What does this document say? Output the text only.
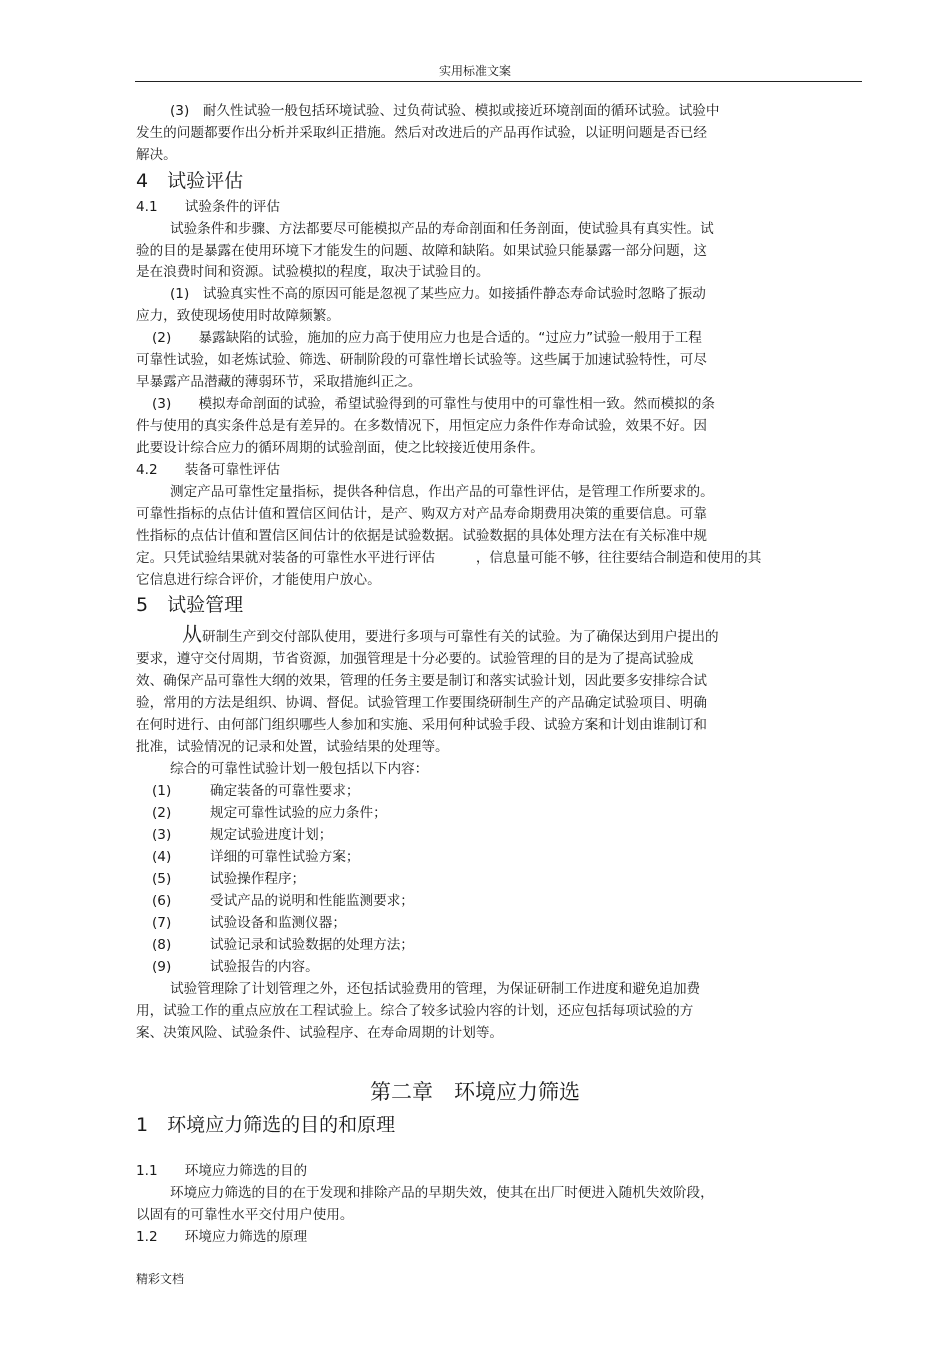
实用标准文案
(3)　耐久性试验一般包括环境试验、过负荷试验、模拟或接近环境剖面的循环试验。试验中
发生的问题都要作出分析并采取纠正措施。然后对改进后的产品再作试验，以证明问题是否已经
解决。
4　试验评估
4.1　　试验条件的评估
试验条件和步骤、方法都要尽可能模拟产品的寿命剖面和任务剖面，使试验具有真实性。试
验的目的是暴露在使用环境下才能发生的问题、故障和缺陷。如果试验只能暴露一部分问题，这
是在浪费时间和资源。试验模拟的程度，取决于试验目的。
(1)　试验真实性不高的原因可能是忽视了某些应力。如接插件静态寿命试验时忽略了振动
应力，致使现场使用时故障频繁。
(2)　　暴露缺陷的试验，施加的应力高于使用应力也是合适的。“过应力”试验一般用于工程
可靠性试验，如老炼试验、筛选、研制阶段的可靠性增长试验等。这些属于加速试验特性，可尽
早暴露产品潜藏的薄弱环节，采取措施纠正之。
(3)　　模拟寿命剖面的试验，希望试验得到的可靠性与使用中的可靠性相一致。然而模拟的条
件与使用的真实条件总是有差异的。在多数情况下，用恒定应力条件作寿命试验，效果不好。因
此要设计综合应力的循环周期的试验剖面，使之比较接近使用条件。
4.2　　装备可靠性评估
测定产品可靠性定量指标，提供各种信息，作出产品的可靠性评估，是管理工作所要求的。
可靠性指标的点估计值和置信区间估计，是产、购双方对产品寿命期费用决策的重要信息。可靠
性指标的点估计值和置信区间估计的依据是试验数据。试验数据的具体处理方法在有关标准中规
定。只凭试验结果就对装备的可靠性水平进行评估　　　，信息量可能不够，往往要结合制造和使用的其
它信息进行综合评价，才能使用户放心。
5　试验管理
从研制生产到交付部队使用，要进行多项与可靠性有关的试验。为了确保达到用户提出的
要求，遵守交付周期，节省资源，加强管理是十分必要的。试验管理的目的是为了提高试验成
效、确保产品可靠性大纲的效果，管理的任务主要是制订和落实试验计划，因此要多安排综合试
验，常用的方法是组织、协调、督促。试验管理工作要围绕研制生产的产品确定试验项目、明确
在何时进行、由何部门组织哪些人参加和实施、采用何种试验手段、试验方案和计划由谁制订和
批准，试验情况的记录和处置，试验结果的处理等。
综合的可靠性试验计划一般包括以下内容：
(1)	确定装备的可靠性要求；
(2)	规定可靠性试验的应力条件；
(3)	规定试验进度计划；
(4)	详细的可靠性试验方案；
(5)	试验操作程序；
(6)	受试产品的说明和性能监测要求；
(7)	试验设备和监测仪器；
(8)	试验记录和试验数据的处理方法；
(9)	试验报告的内容。
试验管理除了计划管理之外，还包括试验费用的管理，为保证研制工作进度和避免追加费
用，试验工作的重点应放在工程试验上。综合了较多试验内容的计划，还应包括每项试验的方
案、决策风险、试验条件、试验程序、在寿命周期的计划等。
第二章　环境应力筛选
1　环境应力筛选的目的和原理
1.1　　环境应力筛选的目的
环境应力筛选的目的在于发现和排除产品的早期失效，使其在出厂时便进入随机失效阶段，
以固有的可靠性水平交付用户使用。
1.2　　环境应力筛选的原理
精彩文档
